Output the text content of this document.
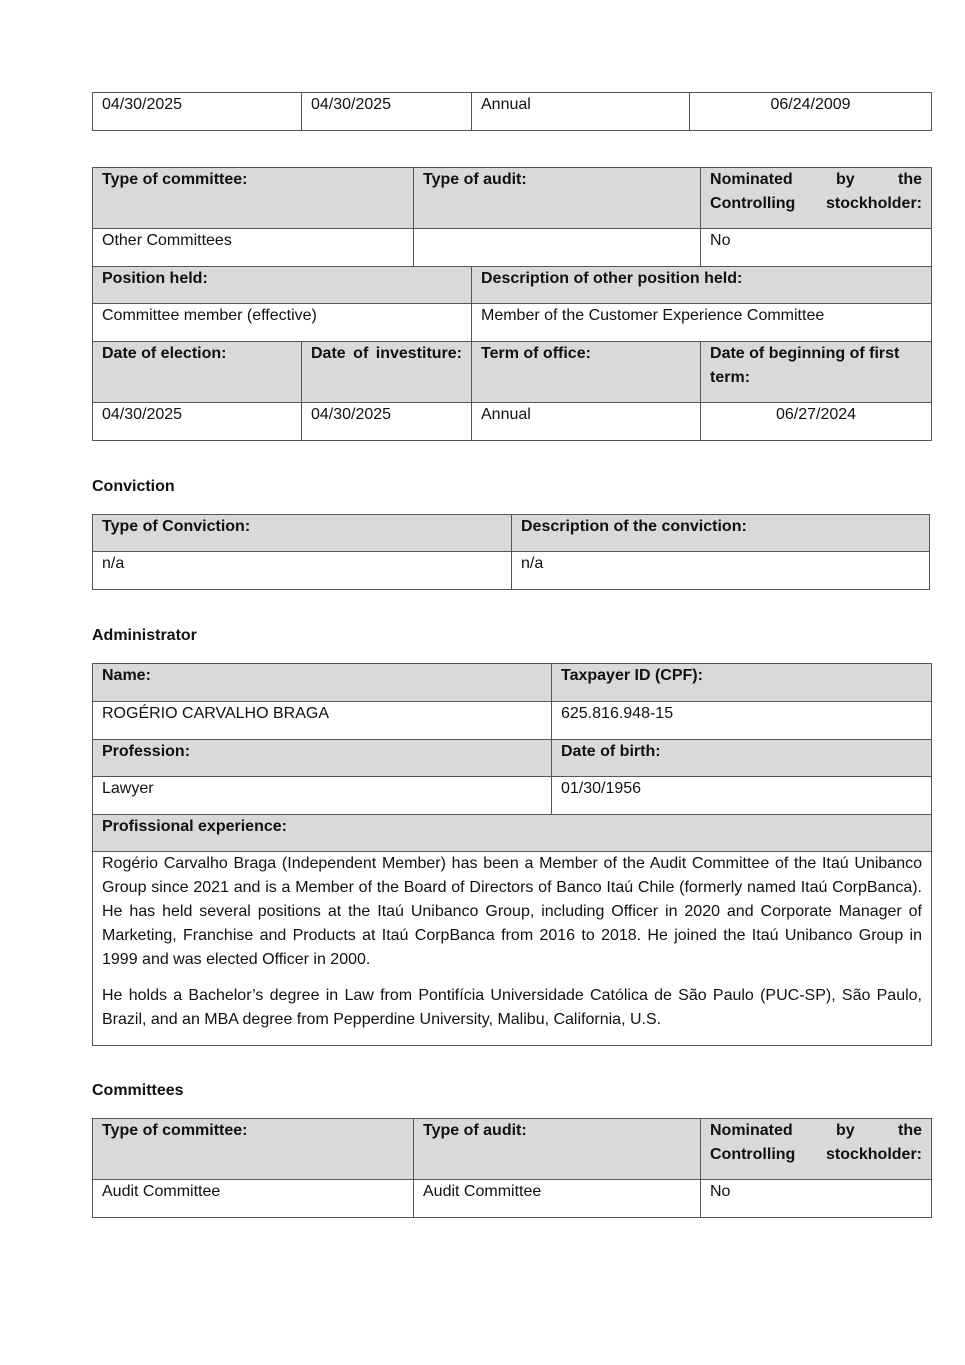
04/30/2025	04/30/2025	Annual	06/24/2009
Type of committee:		Type of audit:		Nominated by the Controlling stockholder:
Other Committees				No
Position held:			Description of other position held:	
Committee member (effective)			Member of the Customer Experience Committee	
Date of election:	Date of investiture:		Term of office:	Date of beginning of first term:
04/30/2025	04/30/2025		Annual	06/27/2024
Conviction
Type of Conviction:	Description of the conviction:
n/a	n/a
Administrator
Name:	Taxpayer ID (CPF):
ROGÉRIO CARVALHO BRAGA	625.816.948-15
Profession:	Date of birth:
Lawyer	01/30/1956
Profissional experience:	

Rogério Carvalho Braga (Independent Member) has been a Member of the Audit Committee of the Itaú Unibanco Group since 2021 and is a Member of the Board of Directors of Banco Itaú Chile (formerly named Itaú CorpBanca). He has held several positions at the Itaú Unibanco Group, including Officer in 2020 and Corporate Manager of Marketing, Franchise and Products at Itaú CorpBanca from 2016 to 2018. He joined the Itaú Unibanco Group in 1999 and was elected Officer in 2000.

He holds a Bachelor’s degree in Law from Pontifícia Universidade Católica de São Paulo (PUC-SP), São Paulo, Brazil, and an MBA degree from Pepperdine University, Malibu, California, U.S.	

Committees
Type of committee:	Type of audit:	Nominated by the Controlling stockholder:
Audit Committee	Audit Committee	No
